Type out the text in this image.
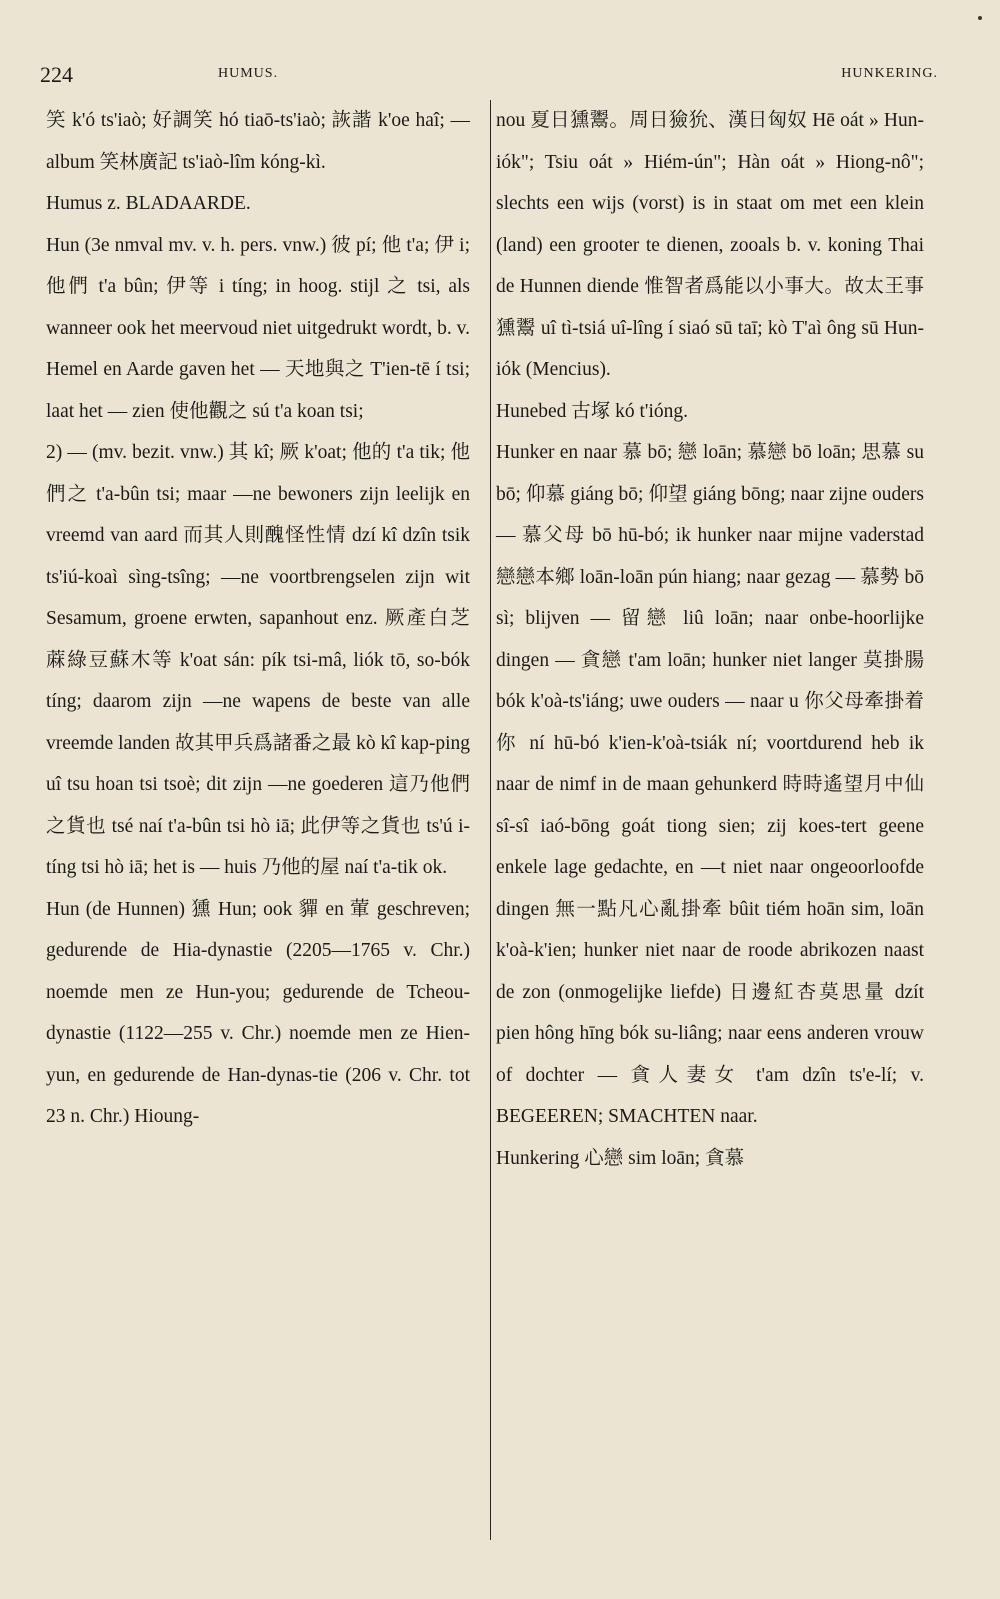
224	HUMUS.	HUNKERING.

笑 k'ó ts'iaò; 好調笑 hó tiaō-ts'iaò; 詼諧 k'oe haî; — album 笑林廣記 ts'iaò-lîm kóng-kì.

Humus z. BLADAARDE.

Hun (3e nmval mv. v. h. pers. vnw.) 彼 pí; 他 t'a; 伊 i; 他們 t'a bûn; 伊等 i tíng; in hoog. stijl 之 tsi, als wanneer ook het meervoud niet uitgedrukt wordt, b. v. Hemel en Aarde gaven het — 天地與之 T'ien-tē í tsi; laat het — zien 使他觀之 sú t'a koan tsi;

2) — (mv. bezit. vnw.) 其 kî; 厥 k'oat; 他的 t'a tik; 他們之 t'a-bûn tsi; maar —ne bewoners zijn leelijk en vreemd van aard 而其人則醜怪性情 dzí kî dzîn tsik ts'iú-koaì sìng-tsîng; —ne voortbrengselen zijn wit Sesamum, groene erwten, sapanhout enz. 厥產白芝蔴綠豆蘇木等 k'oat sán: pík tsi-mâ, liók tō, so-bók tíng; daarom zijn —ne wapens de beste van alle vreemde landen 故其甲兵爲諸番之最 kò kî kap-ping uî tsu hoan tsi tsoè; dit zijn —ne goederen 這乃他們之貨也 tsé naí t'a-bûn tsi hò iā; 此伊等之貨也 ts'ú i-tíng tsi hò iā; het is — huis 乃他的屋 naí t'a-tik ok.

Hun (de Hunnen) 獯 Hun; ook 貚 en 葷 geschreven; gedurende de Hia-dynastie (2205—1765 v. Chr.) noemde men ze Hun-you; gedurende de Tcheou-dynastie (1122—255 v. Chr.) noemde men ze Hien-yun, en gedurende de Han-dynas-tie (206 v. Chr. tot 23 n. Chr.) Hioung-

nou 夏日獯鬻。周日獫狁、漢日匈奴 Hē oát » Hun-iók"; Tsiu oát » Hiém-ún"; Hàn oát » Hiong-nô"; slechts een wijs (vorst) is in staat om met een klein (land) een grooter te dienen, zooals b. v. koning Thai de Hunnen diende 惟智者爲能以小事大。故太王事獯鬻 uî tì-tsiá uî-lîng í siaó sū taī; kò T'aì ông sū Hun-iók (Mencius).

Hunebed 古塚 kó t'ióng.

Hunker en naar 慕 bō; 戀 loān; 慕戀 bō loān; 思慕 su bō; 仰慕 giáng bō; 仰望 giáng bōng; naar zijne ouders — 慕父母 bō hū-bó; ik hunker naar mijne vaderstad 戀戀本鄉 loān-loān pún hiang; naar gezag — 慕勢 bō sì; blijven — 留戀 liû loān; naar onbe-hoorlijke dingen — 貪戀 t'am loān; hunker niet langer 莫掛腸 bók k'oà-ts'iáng; uwe ouders — naar u 你父母牽掛着你 ní hū-bó k'ien-k'oà-tsiák ní; voortdurend heb ik naar de nimf in de maan gehunkerd 時時遙望月中仙 sî-sî iaó-bōng goát tiong sien; zij koes-tert geene enkele lage gedachte, en —t niet naar ongeoorloofde dingen 無一點凡心亂掛牽 bûit tiém hoān sim, loān k'oà-k'ien; hunker niet naar de roode abrikozen naast de zon (onmogelijke liefde) 日邊紅杏莫思量 dzít pien hông hīng bók su-liâng; naar eens anderen vrouw of dochter — 貪人妻女 t'am dzîn ts'e-lí; v. BEGEEREN; SMACHTEN naar.

Hunkering 心戀 sim loān; 貪慕
